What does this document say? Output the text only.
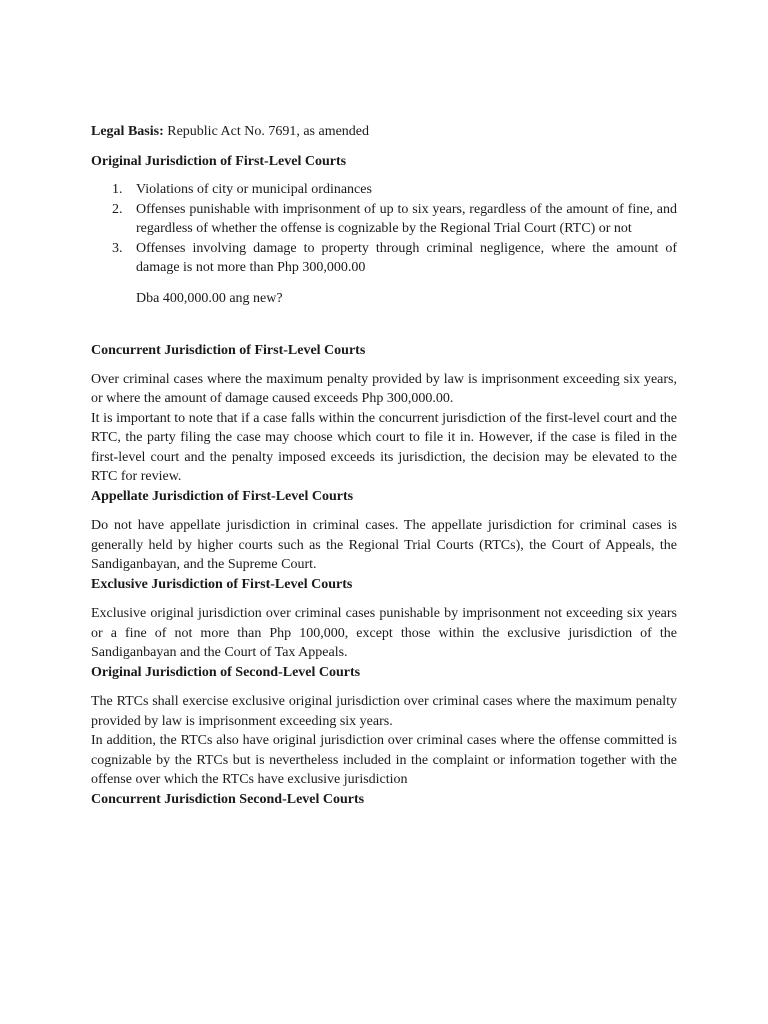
Legal Basis: Republic Act No. 7691, as amended

Original Jurisdiction of First-Level Courts

1. Violations of city or municipal ordinances
2. Offenses punishable with imprisonment of up to six years, regardless of the amount of fine, and regardless of whether the offense is cognizable by the Regional Trial Court (RTC) or not
3. Offenses involving damage to property through criminal negligence, where the amount of damage is not more than Php 300,000.00

Dba 400,000.00 ang new?

Concurrent Jurisdiction of First-Level Courts

Over criminal cases where the maximum penalty provided by law is imprisonment exceeding six years, or where the amount of damage caused exceeds Php 300,000.00.

It is important to note that if a case falls within the concurrent jurisdiction of the first-level court and the RTC, the party filing the case may choose which court to file it in. However, if the case is filed in the first-level court and the penalty imposed exceeds its jurisdiction, the decision may be elevated to the RTC for review.

Appellate Jurisdiction of First-Level Courts

Do not have appellate jurisdiction in criminal cases. The appellate jurisdiction for criminal cases is generally held by higher courts such as the Regional Trial Courts (RTCs), the Court of Appeals, the Sandiganbayan, and the Supreme Court.

Exclusive Jurisdiction of First-Level Courts

Exclusive original jurisdiction over criminal cases punishable by imprisonment not exceeding six years or a fine of not more than Php 100,000, except those within the exclusive jurisdiction of the Sandiganbayan and the Court of Tax Appeals.

Original Jurisdiction of Second-Level Courts

The RTCs shall exercise exclusive original jurisdiction over criminal cases where the maximum penalty provided by law is imprisonment exceeding six years.

In addition, the RTCs also have original jurisdiction over criminal cases where the offense committed is cognizable by the RTCs but is nevertheless included in the complaint or information together with the offense over which the RTCs have exclusive jurisdiction

Concurrent Jurisdiction Second-Level Courts
